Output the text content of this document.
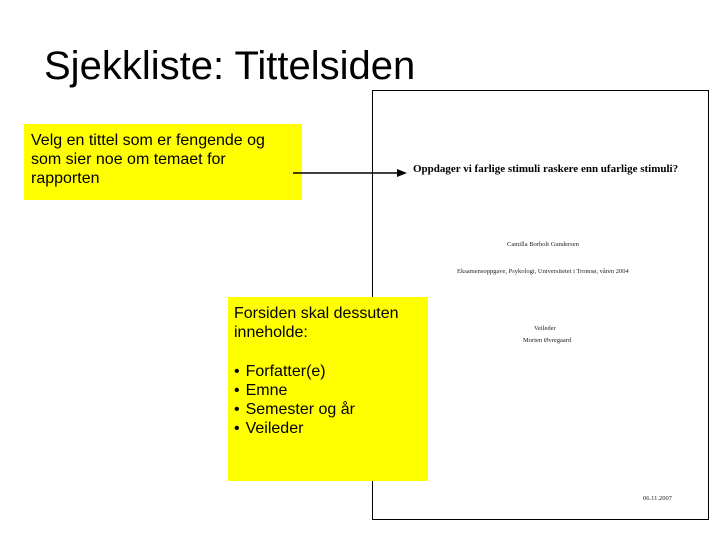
Sjekkliste: Tittelsiden
Oppdager vi farlige stimuli raskere enn ufarlige stimuli?
Camilla Borholt Gundersen
Eksamensoppgave, Psykologi, Universitetet i Tromsø, våren 2004
Veileder
Morten Øvregaard
06.11.2007
Velg en tittel som er fengende og som sier noe om temaet for rapporten
Forsiden skal dessuten inneholde:
• Forfatter(e)
• Emne
• Semester og år
• Veileder
